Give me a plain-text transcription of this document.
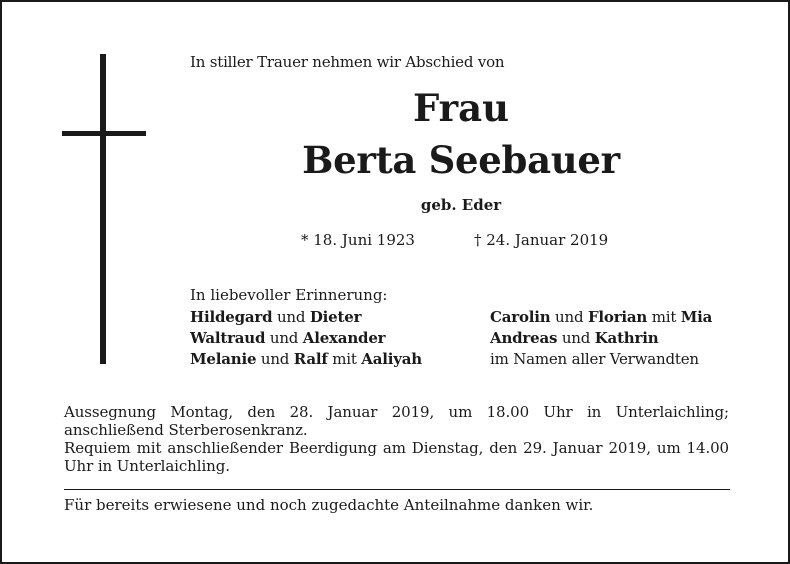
In stiller Trauer nehmen wir Abschied von
Frau
Berta Seebauer
geb. Eder
* 18. Juni 1923	† 24. Januar 2019
In liebevoller Erinnerung:
Hildegard und Dieter
Waltraud und Alexander
Melanie und Ralf mit Aaliyah
Carolin und Florian mit Mia
Andreas und Kathrin
im Namen aller Verwandten

Aussegnung Montag, den 28. Januar 2019, um 18.00 Uhr in Unterlaichling; anschließend Sterberosenkranz.

Requiem mit anschließender Beerdigung am Dienstag, den 29. Januar 2019, um 14.00 Uhr in Unterlaichling.

Für bereits erwiesene und noch zugedachte Anteilnahme danken wir.
